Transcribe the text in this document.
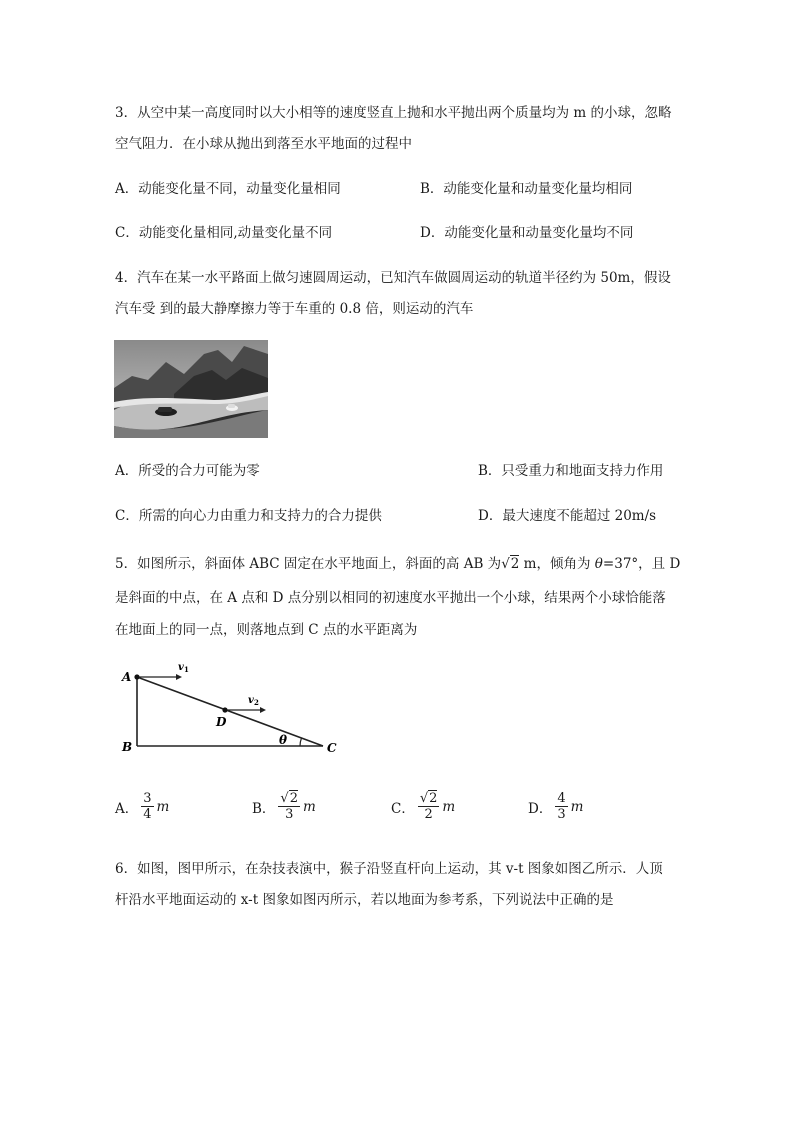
3．从空中某一高度同时以大小相等的速度竖直上抛和水平抛出两个质量均为 m 的小球，忽略
空气阻力．在小球从抛出到落至水平地面的过程中
A．动能变化量不同，动量变化量相同	B．动能变化量和动量变化量均相同
C．动能变化量相同,动量变化量不同	D．动能变化量和动量变化量均不同
4．汽车在某一水平路面上做匀速圆周运动，已知汽车做圆周运动的轨道半径约为 50m，假设
汽车受 到的最大静摩擦力等于车重的 0.8 倍，则运动的汽车
A．所受的合力可能为零	B．只受重力和地面支持力作用
C．所需的向心力由重力和支持力的合力提供	D．最大速度不能超过 20m/s
5．如图所示，斜面体 ABC 固定在水平地面上，斜面的高 AB 为√2 m，倾角为 θ=37°，且 D
是斜面的中点，在 A 点和 D 点分别以相同的初速度水平抛出一个小球，结果两个小球恰能落
在地面上的同一点，则落地点到 C 点的水平距离为
A
B	C
D
v 1
v 2
θ
A． $\frac{3}{4}$ m	B． $\frac{√2}{3}$ m	C． $\frac{√2}{2}$ m	D． $\frac{4}{3}$ m
6．如图，图甲所示，在杂技表演中，猴子沿竖直杆向上运动，其 v-t 图象如图乙所示．人顶
杆沿水平地面运动的 x-t 图象如图丙所示，若以地面为参考系，下列说法中正确的是
